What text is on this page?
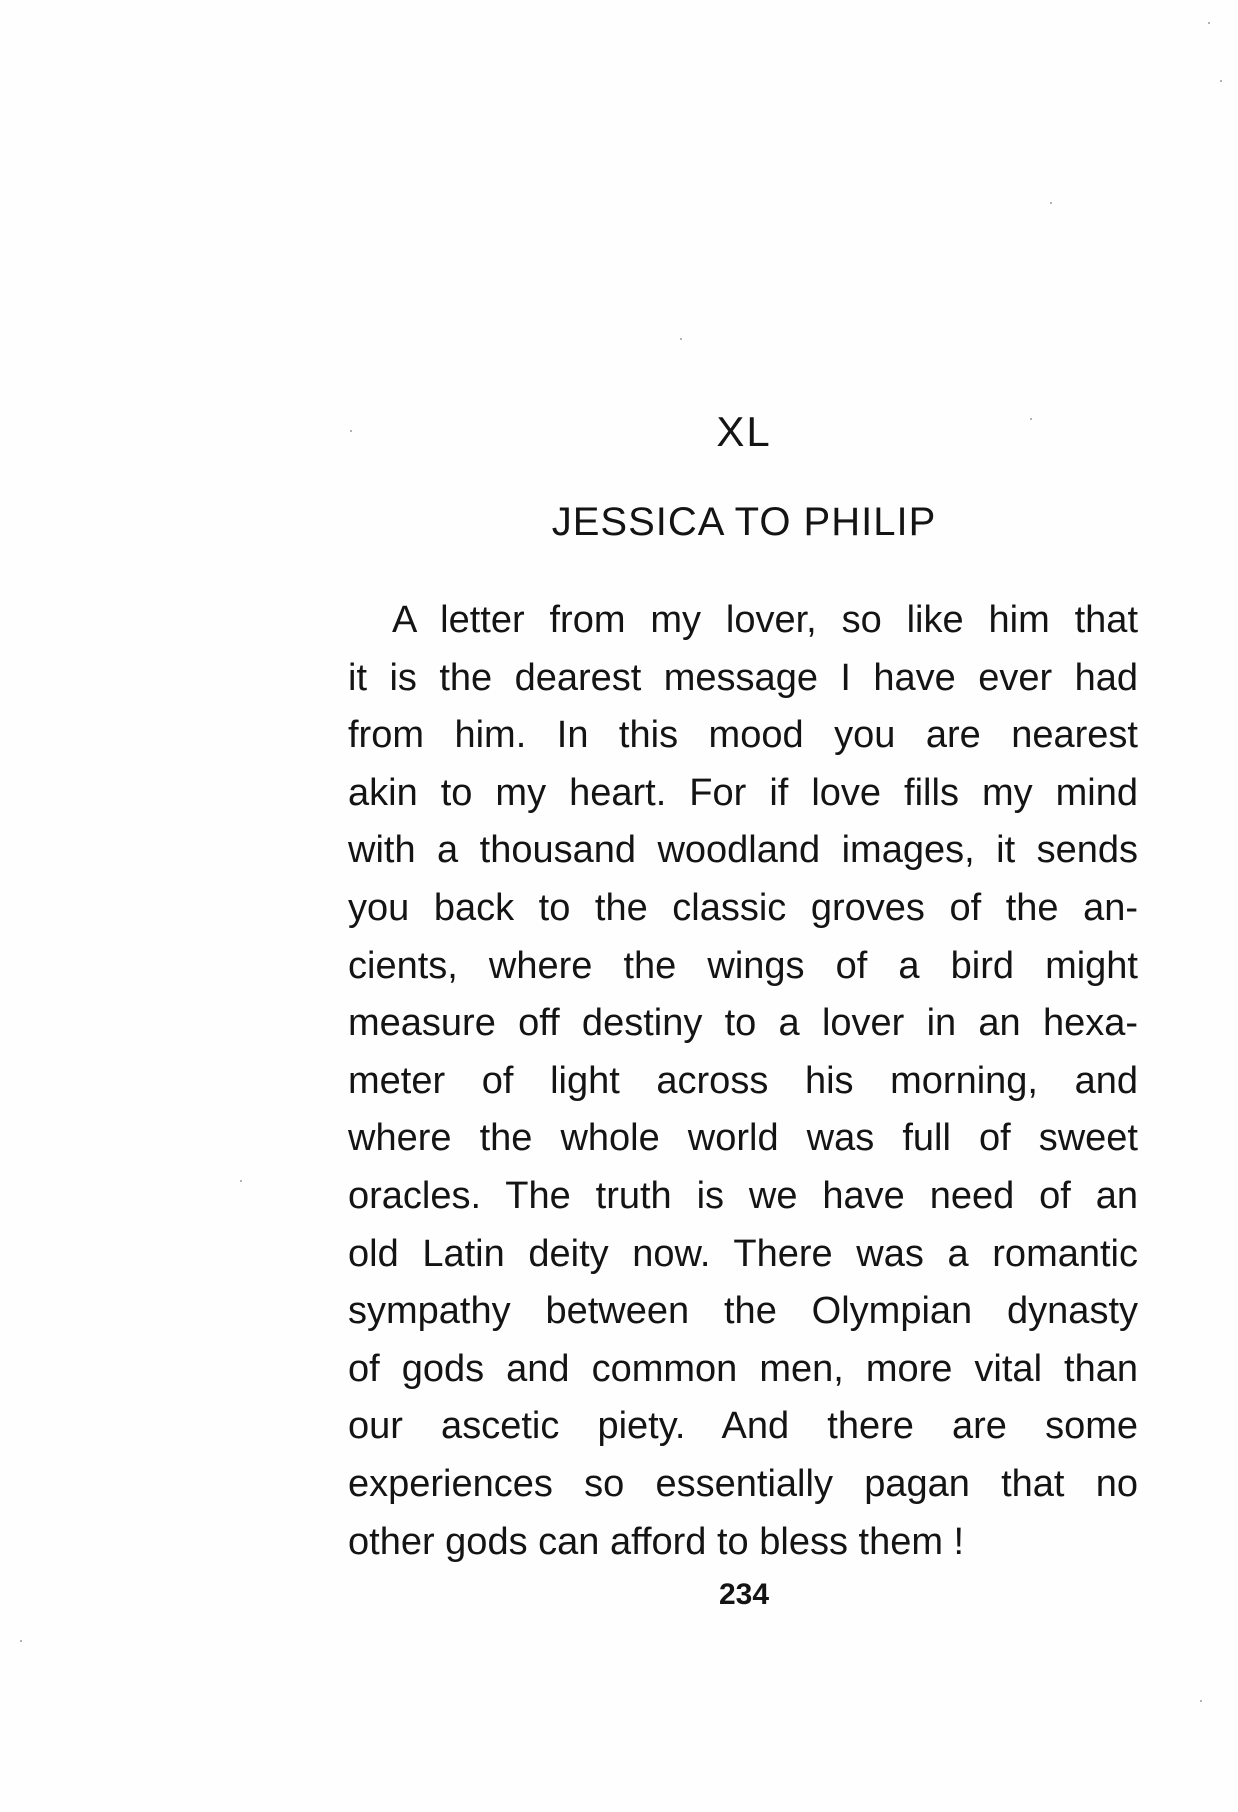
XL
JESSICA TO PHILIP
A letter from my lover, so like him that
it is the dearest message I have ever had
from him. In this mood you are nearest
akin to my heart. For if love fills my mind
with a thousand woodland images, it sends
you back to the classic groves of the an-
cients, where the wings of a bird might
measure off destiny to a lover in an hexa-
meter of light across his morning, and
where the whole world was full of sweet
oracles. The truth is we have need of an
old Latin deity now. There was a romantic
sympathy between the Olympian dynasty
of gods and common men, more vital than
our ascetic piety. And there are some
experiences so essentially pagan that no
other gods can afford to bless them !
234
